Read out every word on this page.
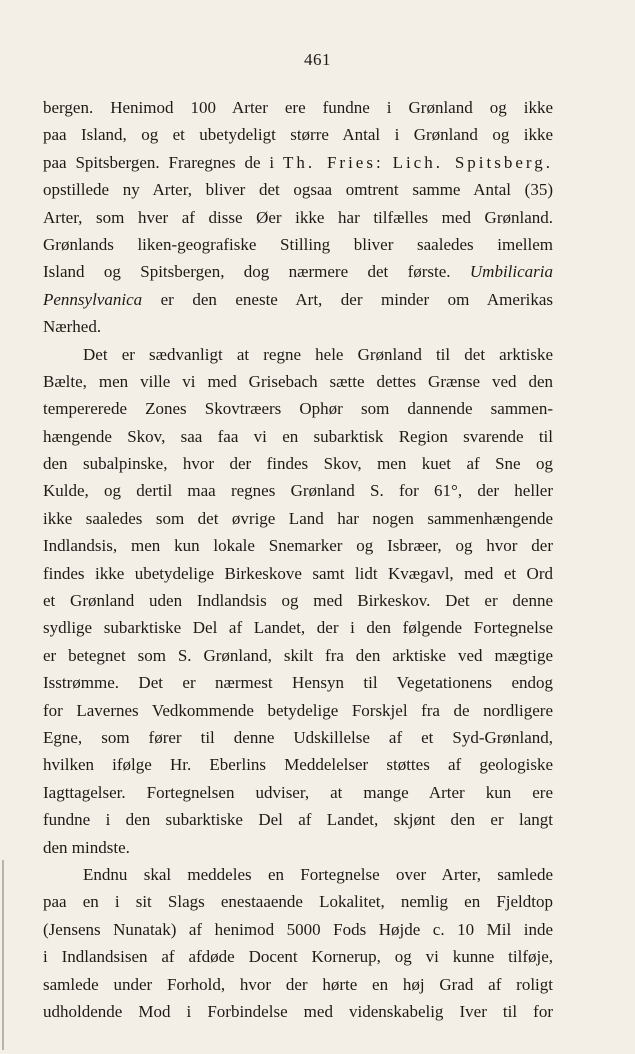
461
bergen. Henimod 100 Arter ere fundne i Grønland og ikke
paa Island, og et ubetydeligt større Antal i Grønland og ikke
paa Spitsbergen. Fraregnes de i Th. Fries: Lich. Spitsberg.
opstillede ny Arter, bliver det ogsaa omtrent samme Antal (35)
Arter, som hver af disse Øer ikke har tilfælles med Grønland.
Grønlands liken-geografiske Stilling bliver saaledes imellem
Island og Spitsbergen, dog nærmere det første. Umbilicaria
Pennsylvanica er den eneste Art, der minder om Amerikas
Nærhed.
Det er sædvanligt at regne hele Grønland til det arktiske
Bælte, men ville vi med Grisebach sætte dettes Grænse ved den
tempererede Zones Skovtræers Ophør som dannende sammen-
hængende Skov, saa faa vi en subarktisk Region svarende til
den subalpinske, hvor der findes Skov, men kuet af Sne og
Kulde, og dertil maa regnes Grønland S. for 61°, der heller
ikke saaledes som det øvrige Land har nogen sammenhængende
Indlandsis, men kun lokale Snemarker og Isbræer, og hvor der
findes ikke ubetydelige Birkeskove samt lidt Kvægavl, med et Ord
et Grønland uden Indlandsis og med Birkeskov. Det er denne
sydlige subarktiske Del af Landet, der i den følgende Fortegnelse
er betegnet som S. Grønland, skilt fra den arktiske ved mægtige
Isstrømme. Det er nærmest Hensyn til Vegetationens endog
for Lavernes Vedkommende betydelige Forskjel fra de nordligere
Egne, som fører til denne Udskillelse af et Syd-Grønland,
hvilken ifølge Hr. Eberlins Meddelelser støttes af geologiske
Iagttagelser. Fortegnelsen udviser, at mange Arter kun ere
fundne i den subarktiske Del af Landet, skjønt den er langt
den mindste.
Endnu skal meddeles en Fortegnelse over Arter, samlede
paa en i sit Slags enestaaende Lokalitet, nemlig en Fjeldtop
(Jensens Nunatak) af henimod 5000 Fods Højde c. 10 Mil inde
i Indlandsisen af afdøde Docent Kornerup, og vi kunne tilføje,
samlede under Forhold, hvor der hørte en høj Grad af roligt
udholdende Mod i Forbindelse med videnskabelig Iver til for
